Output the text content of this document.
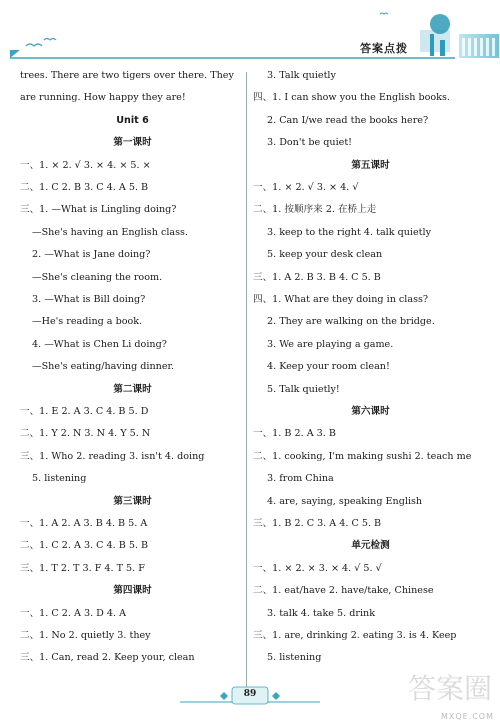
答案点拨
trees. There are two tigers over there. They
are running. How happy they are!
Unit 6
第一课时
一、1. × 2. √ 3. × 4. × 5. ×
二、1. C 2. B 3. C 4. A 5. B
三、1. —What is Lingling doing?
—She's having an English class.
2. —What is Jane doing?
—She's cleaning the room.
3. —What is Bill doing?
—He's reading a book.
4. —What is Chen Li doing?
—She's eating/having dinner.
第二课时
一、1. E 2. A 3. C 4. B 5. D
二、1. Y 2. N 3. N 4. Y 5. N
三、1. Who 2. reading 3. isn't 4. doing
5. listening
第三课时
一、1. A 2. A 3. B 4. B 5. A
二、1. C 2. A 3. C 4. B 5. B
三、1. T 2. T 3. F 4. T 5. F
第四课时
一、1. C 2. A 3. D 4. A
二、1. No 2. quietly 3. they
三、1. Can, read 2. Keep your, clean
3. Talk quietly
四、1. I can show you the English books.
2. Can I/we read the books here?
3. Don't be quiet!
第五课时
一、1. × 2. √ 3. × 4. √
二、1. 按顺序来 2. 在桥上走
3. keep to the right 4. talk quietly
5. keep your desk clean
三、1. A 2. B 3. B 4. C 5. B
四、1. What are they doing in class?
2. They are walking on the bridge.
3. We are playing a game.
4. Keep your room clean!
5. Talk quietly!
第六课时
一、1. B 2. A 3. B
二、1. cooking, I'm making sushi 2. teach me
3. from China
4. are, saying, speaking English
三、1. B 2. C 3. A 4. C 5. B
单元检测
一、1. × 2. × 3. × 4. √ 5. √
二、1. eat/have 2. have/take, Chinese
3. talk 4. take 5. drink
三、1. are, drinking 2. eating 3. is 4. Keep
5. listening
89	答案圈
MXQE.COM
